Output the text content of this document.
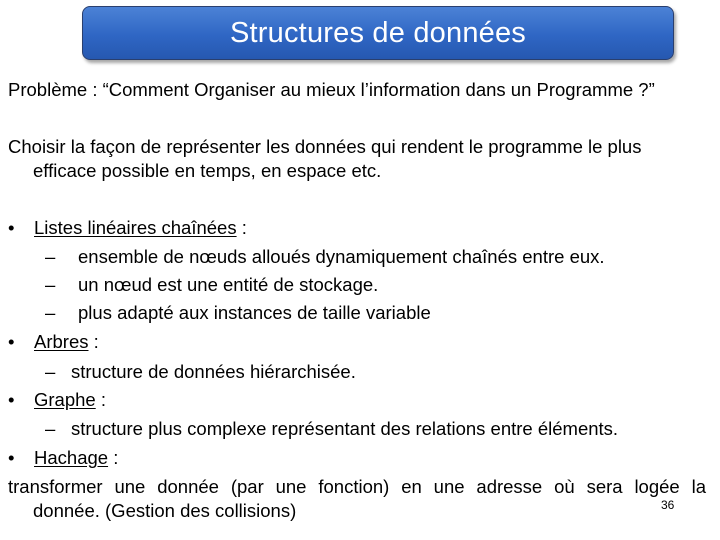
Structures de données
Problème : “Comment Organiser au mieux l’information dans un Programme ?”
Choisir la façon de représenter les données qui rendent le programme le plus
efficace possible en temps, en espace etc.
• Listes linéaires chaînées :
– ensemble de nœuds alloués dynamiquement chaînés entre eux.
– un nœud est une entité de stockage.
– plus adapté aux instances de taille variable
• Arbres :
– structure de données hiérarchisée.
• Graphe :
– structure plus complexe représentant des relations entre éléments.
• Hachage :
transformer une donnée (par une fonction) en une adresse où sera logée la
donnée. (Gestion des collisions)	36
